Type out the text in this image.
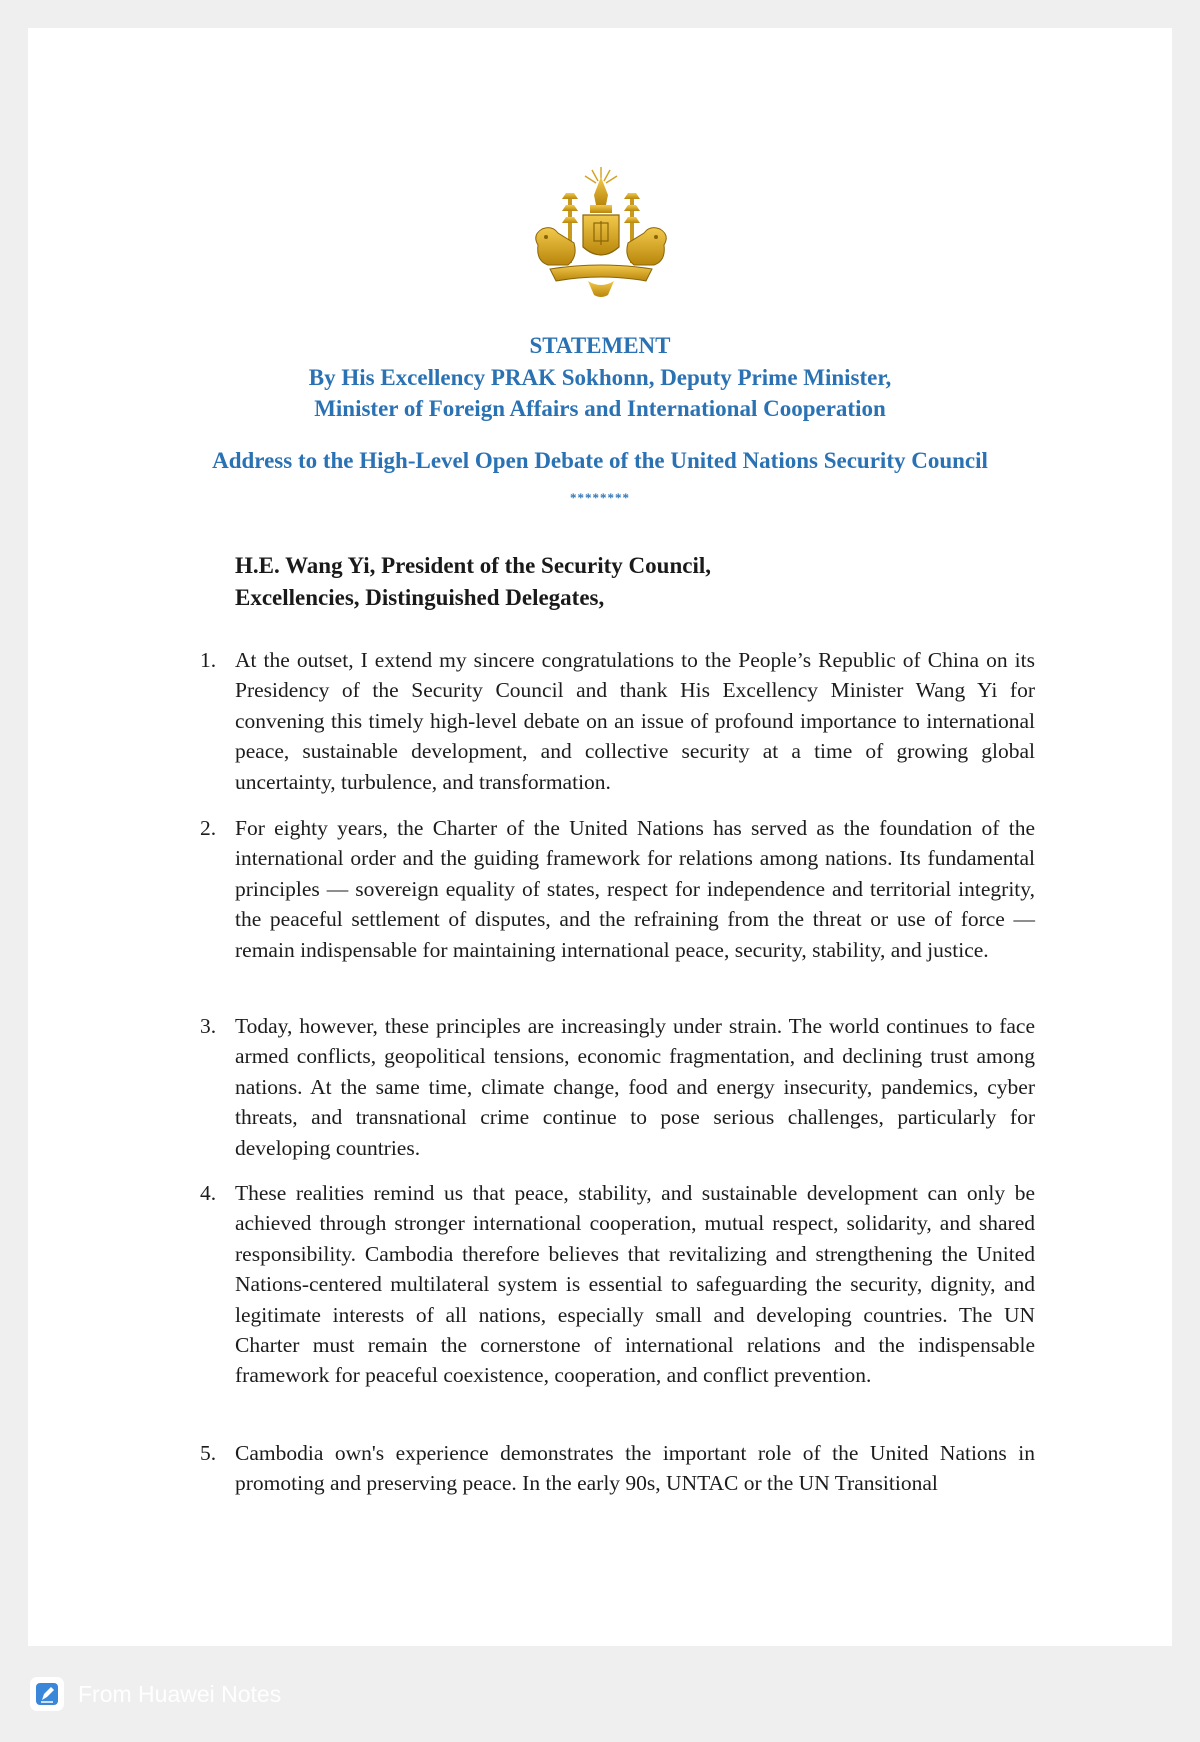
STATEMENT
By His Excellency PRAK Sokhonn, Deputy Prime Minister,
Minister of Foreign Affairs and International Cooperation
Address to the High-Level Open Debate of the United Nations Security Council
********
H.E. Wang Yi, President of the Security Council,
Excellencies, Distinguished Delegates,
1. At the outset, I extend my sincere congratulations to the People’s Republic of China on its Presidency of the Security Council and thank His Excellency Minister Wang Yi for convening this timely high-level debate on an issue of profound importance to international peace, sustainable development, and collective security at a time of growing global uncertainty, turbulence, and transformation.
2. For eighty years, the Charter of the United Nations has served as the foundation of the international order and the guiding framework for relations among nations. Its fundamental principles — sovereign equality of states, respect for independence and territorial integrity, the peaceful settlement of disputes, and the refraining from the threat or use of force — remain indispensable for maintaining international peace, security, stability, and justice.
3. Today, however, these principles are increasingly under strain. The world continues to face armed conflicts, geopolitical tensions, economic fragmentation, and declining trust among nations. At the same time, climate change, food and energy insecurity, pandemics, cyber threats, and transnational crime continue to pose serious challenges, particularly for developing countries.
4. These realities remind us that peace, stability, and sustainable development can only be achieved through stronger international cooperation, mutual respect, solidarity, and shared responsibility. Cambodia therefore believes that revitalizing and strengthening the United Nations-centered multilateral system is essential to safeguarding the security, dignity, and legitimate interests of all nations, especially small and developing countries. The UN Charter must remain the cornerstone of international relations and the indispensable framework for peaceful coexistence, cooperation, and conflict prevention.
5. Cambodia own's experience demonstrates the important role of the United Nations in promoting and preserving peace. In the early 90s, UNTAC or the UN Transitional
From Huawei Notes
